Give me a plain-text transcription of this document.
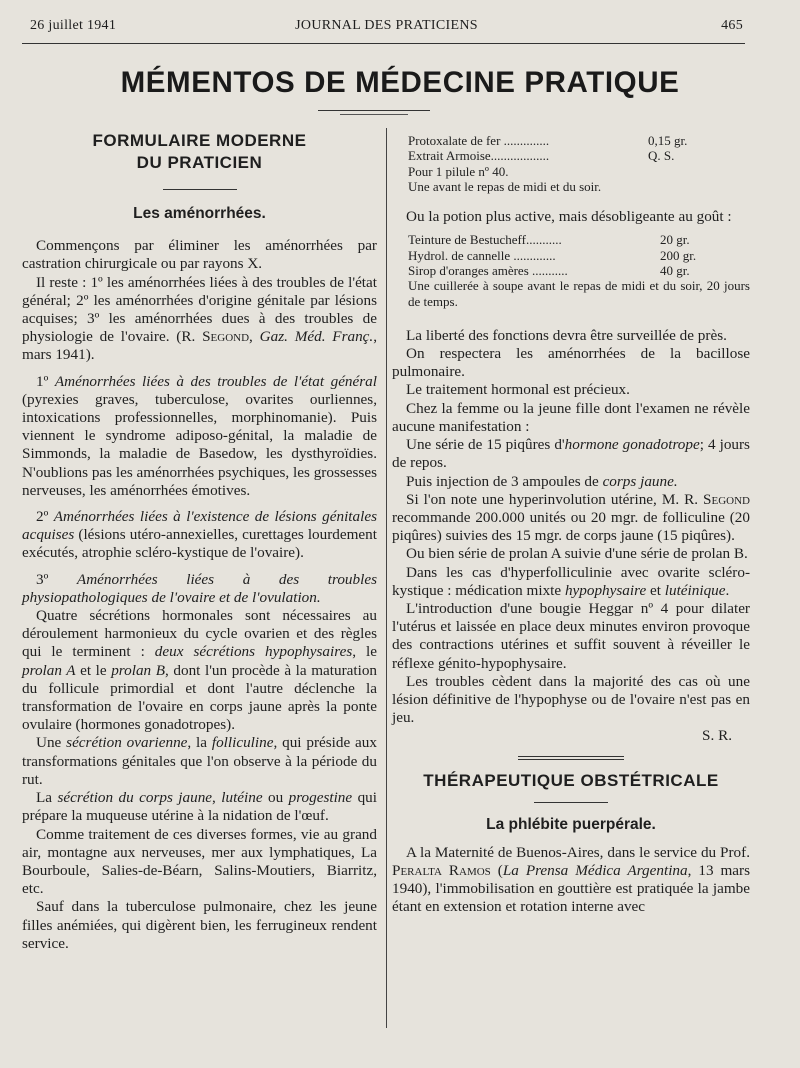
26 juillet 1941	JOURNAL DES PRATICIENS	465
MÉMENTOS DE MÉDECINE PRATIQUE
FORMULAIRE MODERNE
DU PRATICIEN
Les aménorrhées.

Commençons par éliminer les aménorrhées par castration chirurgicale ou par rayons X.

Il reste : 1º les aménorrhées liées à des troubles de l'état général; 2º les aménorrhées d'origine génitale par lésions acquises; 3º les aménorrhées dues à des troubles de physiologie de l'ovaire. (R. Segond, Gaz. Méd. Franç., mars 1941).

1º Aménorrhées liées à des troubles de l'état général (pyrexies graves, tuberculose, ovarites ourliennes, intoxications professionnelles, morphinomanie). Puis viennent le syndrome adiposo-génital, la maladie de Simmonds, la maladie de Basedow, les dysthyroïdies. N'oublions pas les aménorrhées psychiques, les grossesses nerveuses, les aménorrhées émotives.

2º Aménorrhées liées à l'existence de lésions génitales acquises (lésions utéro-annexielles, curettages lourdement exécutés, atrophie scléro-kystique de l'ovaire).

3º Aménorrhées liées à des troubles physiopathologiques de l'ovaire et de l'ovulation.

Quatre sécrétions hormonales sont nécessaires au déroulement harmonieux du cycle ovarien et des règles qui le terminent : deux sécrétions hypophysaires, le prolan A et le prolan B, dont l'un procède à la maturation du follicule primordial et dont l'autre déclenche la transformation de l'ovaire en corps jaune après la ponte ovulaire (hormones gonadotropes).

Une sécrétion ovarienne, la folliculine, qui préside aux transformations génitales que l'on observe à la période du rut.

La sécrétion du corps jaune, lutéine ou progestine qui prépare la muqueuse utérine à la nidation de l'œuf.

Comme traitement de ces diverses formes, vie au grand air, montagne aux nerveuses, mer aux lymphatiques, La Bourboule, Salies-de-Béarn, Salins-Moutiers, Biarritz, etc.

Sauf dans la tuberculose pulmonaire, chez les jeune filles anémiées, qui digèrent bien, les ferrugineux rendent service.

Protoxalate de fer ..............	0,15 gr.
Extrait Armoise..................	Q. S.
Pour 1 pilule nº 40.
Une avant le repas de midi et du soir.

Ou la potion plus active, mais désobligeante au goût :

Teinture de Bestucheff...........	20 gr.
Hydrol. de cannelle .............	200 gr.
Sirop d'oranges amères ...........	40 gr.
Une cuillerée à soupe avant le repas de midi et du soir, 20 jours de temps.

La liberté des fonctions devra être surveillée de près.

On respectera les aménorrhées de la bacillose pulmonaire.

Le traitement hormonal est précieux.

Chez la femme ou la jeune fille dont l'examen ne révèle aucune manifestation :

Une série de 15 piqûres d'hormone gonadotrope; 4 jours de repos.

Puis injection de 3 ampoules de corps jaune.

Si l'on note une hyperinvolution utérine, M. R. Segond recommande 200.000 unités ou 20 mgr. de folliculine (20 piqûres) suivies des 15 mgr. de corps jaune (15 piqûres).

Ou bien série de prolan A suivie d'une série de prolan B.

Dans les cas d'hyperfolliculinie avec ovarite scléro-kystique : médication mixte hypophysaire et lutéinique.

L'introduction d'une bougie Heggar nº 4 pour dilater l'utérus et laissée en place deux minutes environ provoque des contractions utérines et suffit souvent à réveiller le réflexe génito-hypophysaire.

Les troubles cèdent dans la majorité des cas où une lésion définitive de l'hypophyse ou de l'ovaire n'est pas en jeu.

S. R.
THÉRAPEUTIQUE OBSTÉTRICALE
La phlébite puerpérale.

A la Maternité de Buenos-Aires, dans le service du Prof. Peralta Ramos (La Prensa Médica Argentina, 13 mars 1940), l'immobilisation en gouttière est pratiquée la jambe étant en extension et rotation interne avec
